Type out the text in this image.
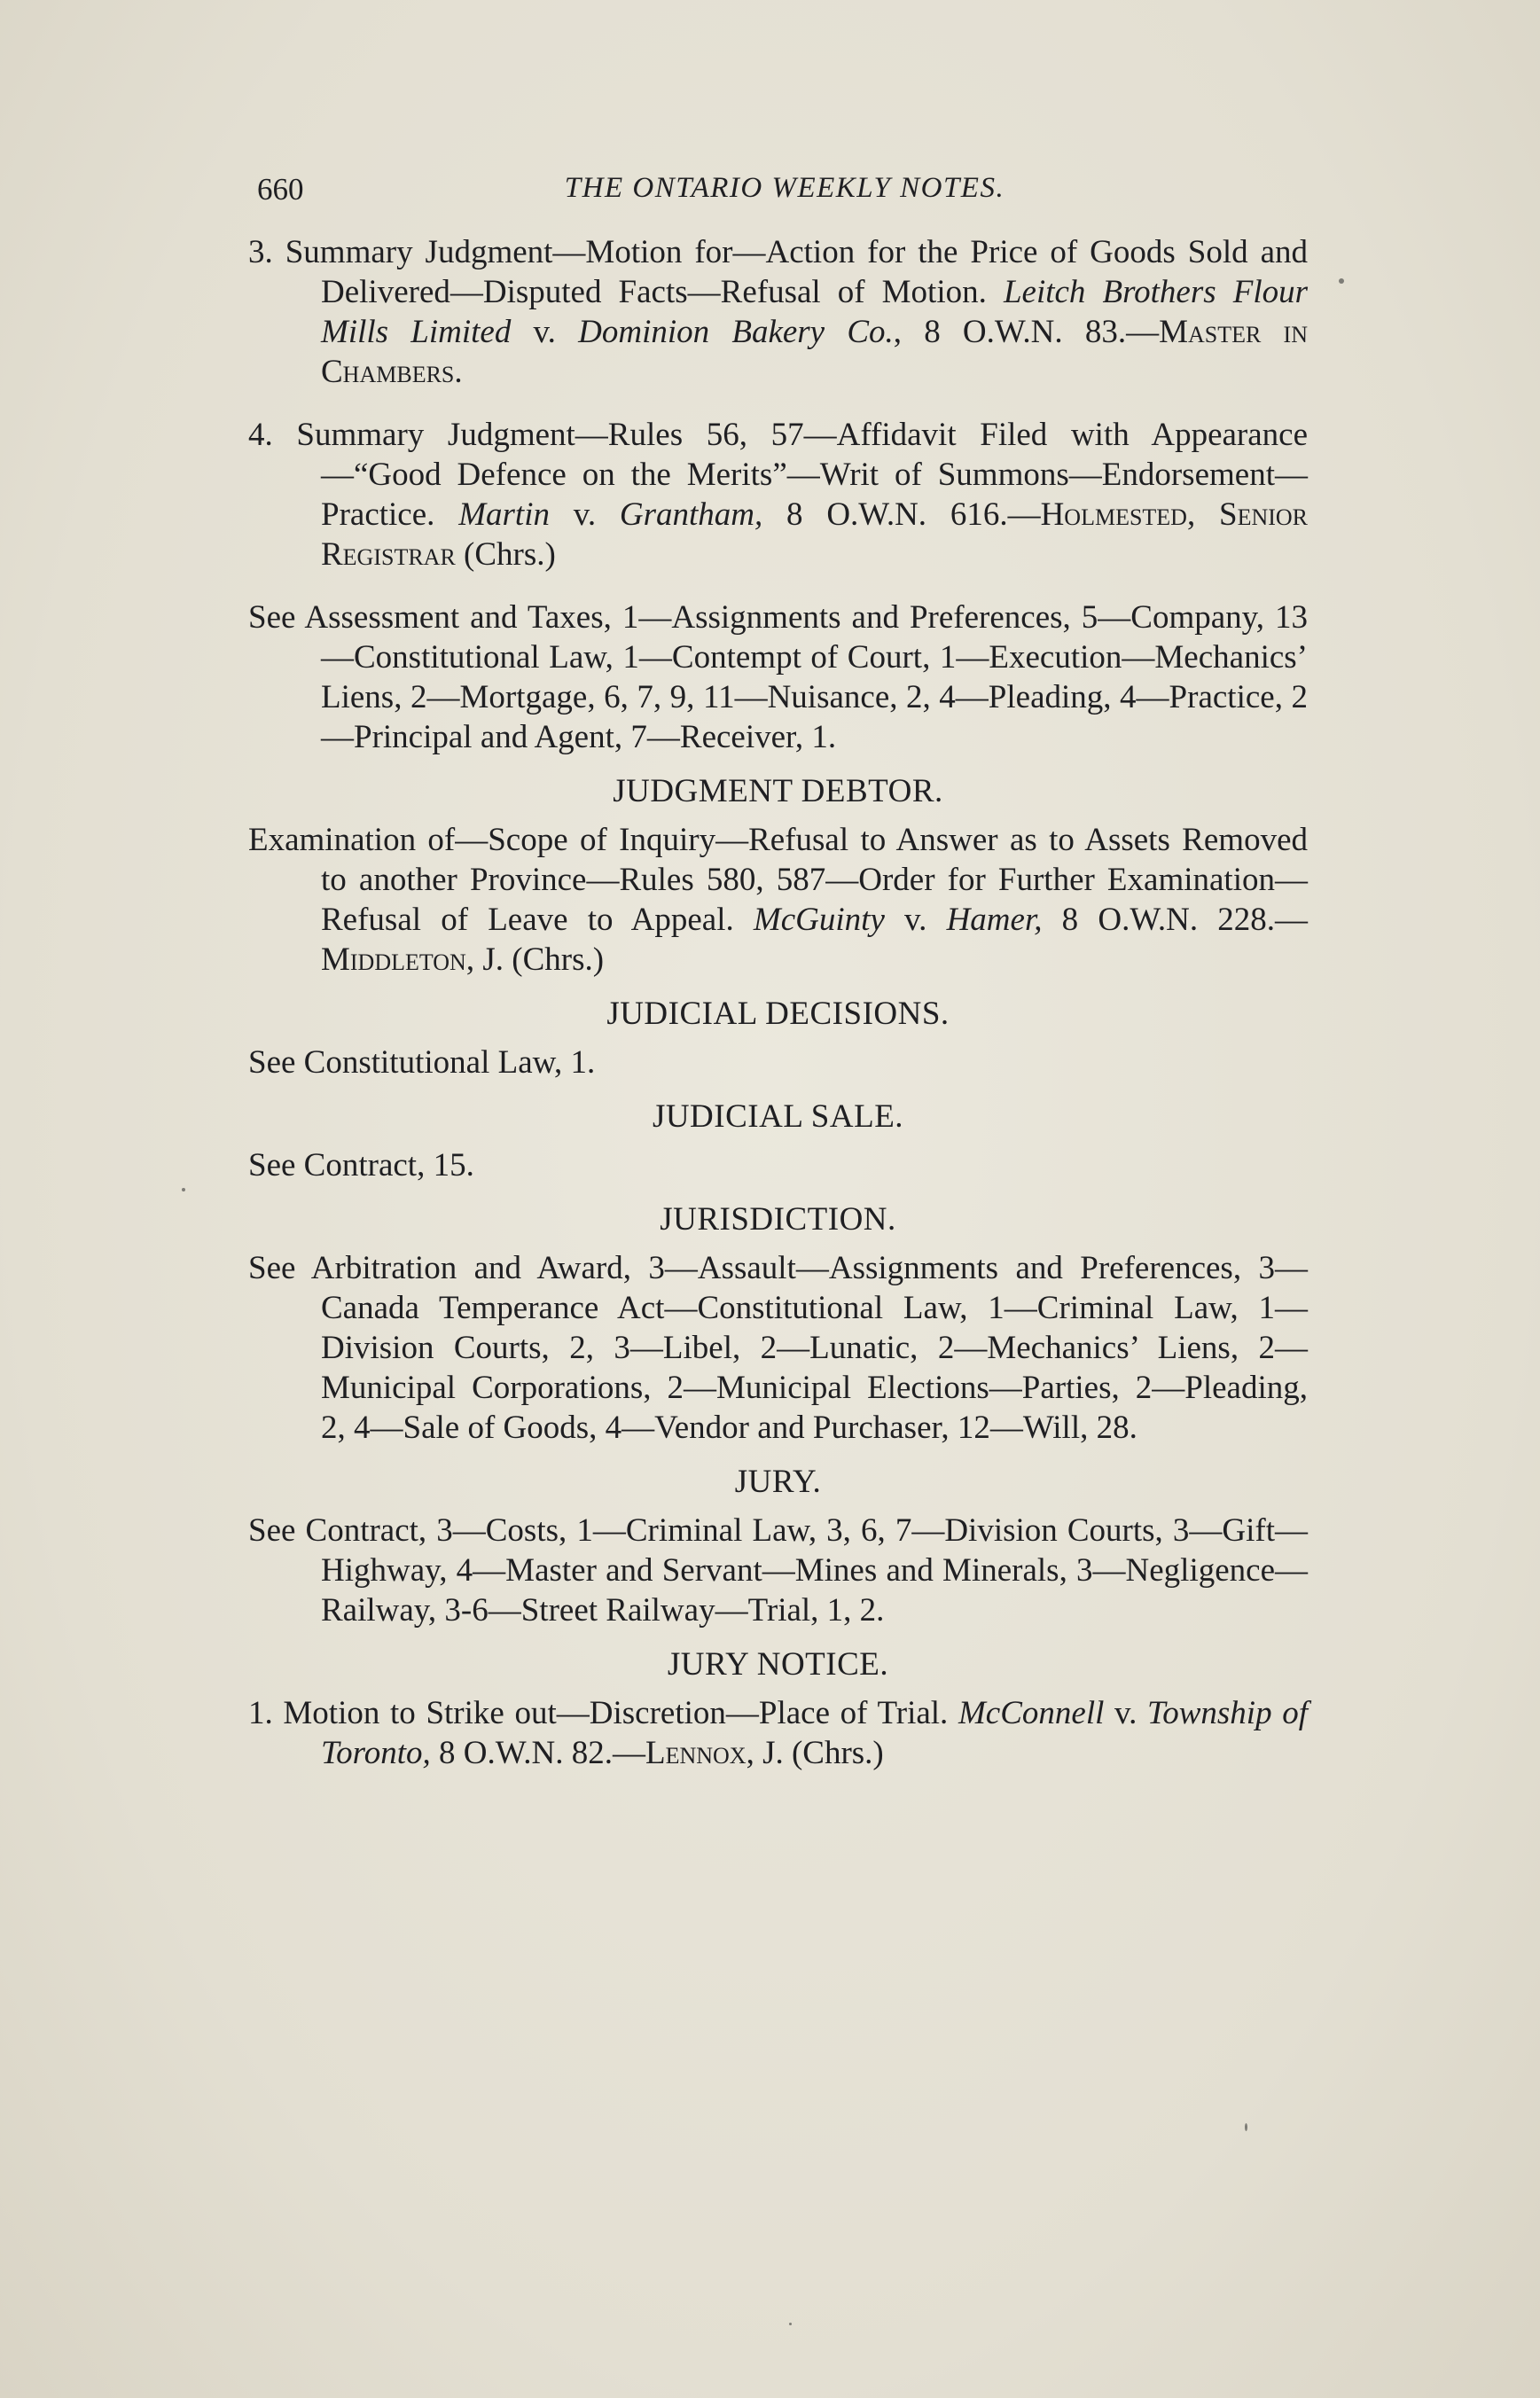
660	THE ONTARIO WEEKLY NOTES.

3. Summary Judgment—Motion for—Action for the Price of Goods Sold and Delivered—Disputed Facts—Refusal of Motion. Leitch Brothers Flour Mills Limited v. Dominion Bakery Co., 8 O.W.N. 83.—Master in Chambers.

4. Summary Judgment—Rules 56, 57—Affidavit Filed with Appearance—“Good Defence on the Merits”—Writ of Summons—Endorsement—Practice. Martin v. Grantham, 8 O.W.N. 616.—Holmested, Senior Registrar (Chrs.)

See Assessment and Taxes, 1—Assignments and Preferences, 5—Company, 13—Constitutional Law, 1—Contempt of Court, 1—Execution—Mechanics’ Liens, 2—Mortgage, 6, 7, 9, 11—Nuisance, 2, 4—Pleading, 4—Practice, 2—Principal and Agent, 7—Receiver, 1.

JUDGMENT DEBTOR.

Examination of—Scope of Inquiry—Refusal to Answer as to Assets Removed to another Province—Rules 580, 587—Order for Further Examination—Refusal of Leave to Appeal. McGuinty v. Hamer, 8 O.W.N. 228.—Middleton, J. (Chrs.)

JUDICIAL DECISIONS.

See Constitutional Law, 1.

JUDICIAL SALE.

See Contract, 15.

JURISDICTION.

See Arbitration and Award, 3—Assault—Assignments and Preferences, 3—Canada Temperance Act—Constitutional Law, 1—Criminal Law, 1—Division Courts, 2, 3—Libel, 2—Lunatic, 2—Mechanics’ Liens, 2—Municipal Corporations, 2—Municipal Elections—Parties, 2—Pleading, 2, 4—Sale of Goods, 4—Vendor and Purchaser, 12—Will, 28.

JURY.

See Contract, 3—Costs, 1—Criminal Law, 3, 6, 7—Division Courts, 3—Gift—Highway, 4—Master and Servant—Mines and Minerals, 3—Negligence—Railway, 3-6—Street Railway—Trial, 1, 2.

JURY NOTICE.

1. Motion to Strike out—Discretion—Place of Trial. McConnell v. Township of Toronto, 8 O.W.N. 82.—Lennox, J. (Chrs.)
